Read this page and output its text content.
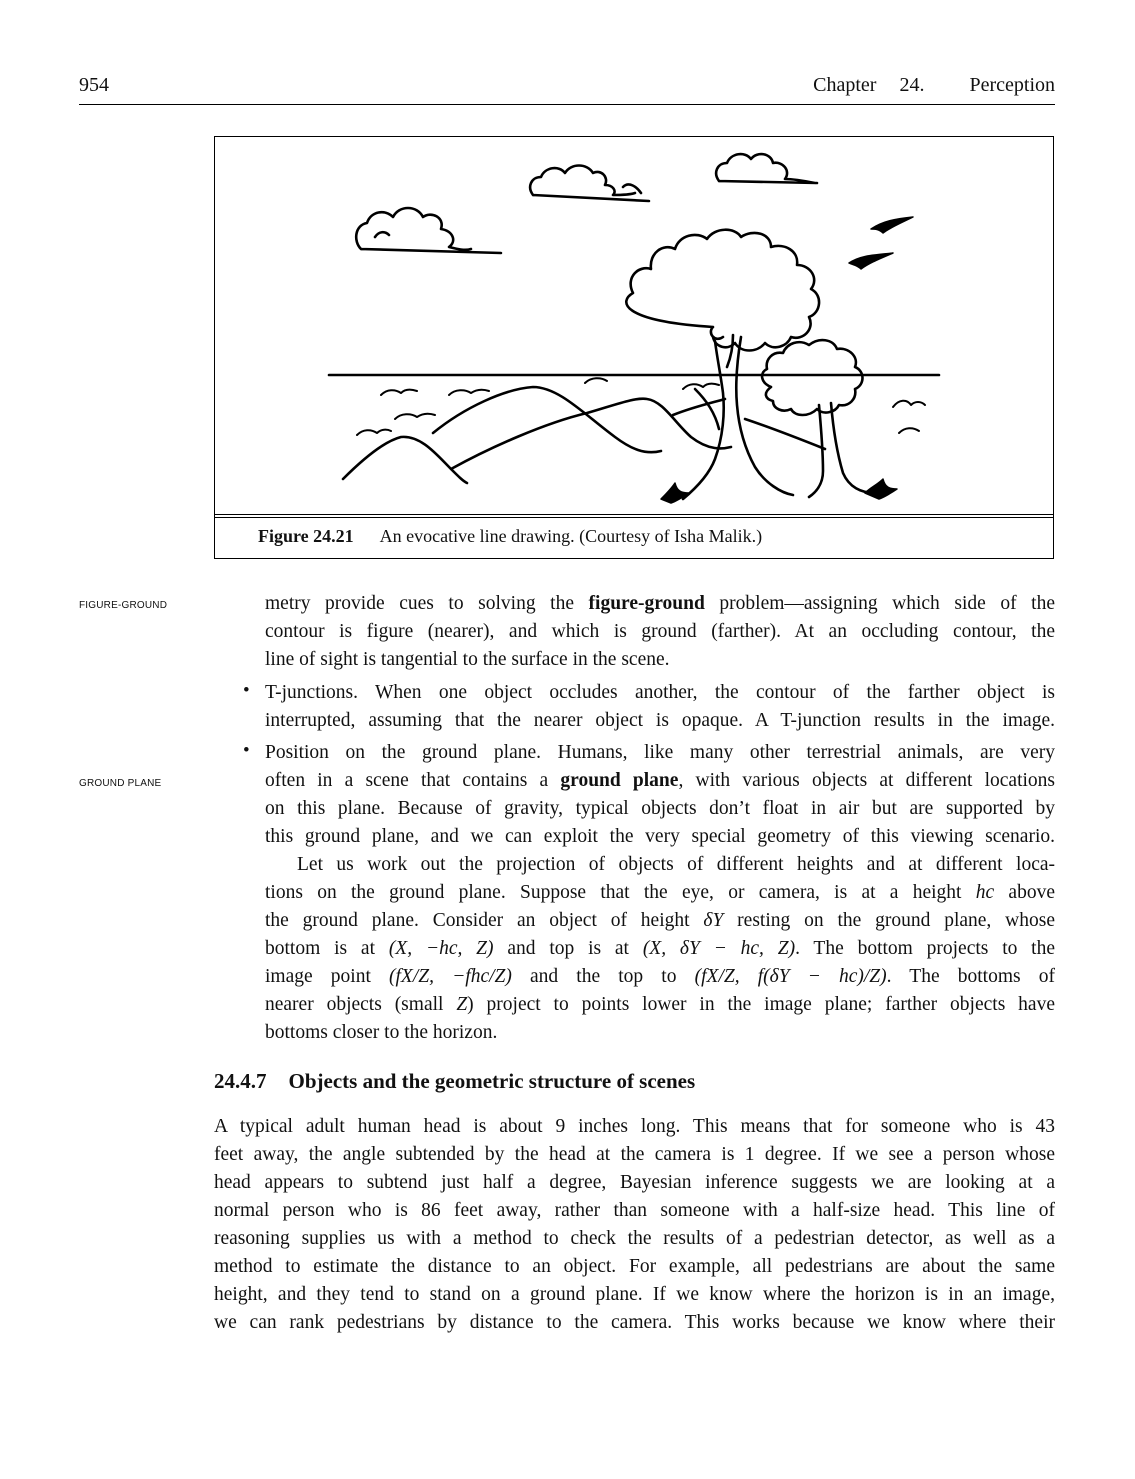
954	Chapter 24. Perception
Figure 24.21 An evocative line drawing. (Courtesy of Isha Malik.)
FIGURE-GROUND
GROUND PLANE
metry provide cues to solving the figure-ground problem—assigning which side of the
contour is figure (nearer), and which is ground (farther). At an occluding contour, the
line of sight is tangential to the surface in the scene.
• T-junctions. When one object occludes another, the contour of the farther object is
interrupted, assuming that the nearer object is opaque. A T-junction results in the image.
• Position on the ground plane. Humans, like many other terrestrial animals, are very
often in a scene that contains a ground plane, with various objects at different locations
on this plane. Because of gravity, typical objects don’t float in air but are supported by
this ground plane, and we can exploit the very special geometry of this viewing scenario.
Let us work out the projection of objects of different heights and at different loca-
tions on the ground plane. Suppose that the eye, or camera, is at a height hc above
the ground plane. Consider an object of height δY resting on the ground plane, whose
bottom is at (X, −hc, Z) and top is at (X, δY − hc, Z). The bottom projects to the
image point (fX/Z, −fhc/Z) and the top to (fX/Z, f(δY − hc)/Z). The bottoms of
nearer objects (small Z) project to points lower in the image plane; farther objects have
bottoms closer to the horizon.
24.4.7 Objects and the geometric structure of scenes
A typical adult human head is about 9 inches long. This means that for someone who is 43
feet away, the angle subtended by the head at the camera is 1 degree. If we see a person whose
head appears to subtend just half a degree, Bayesian inference suggests we are looking at a
normal person who is 86 feet away, rather than someone with a half-size head. This line of
reasoning supplies us with a method to check the results of a pedestrian detector, as well as a
method to estimate the distance to an object. For example, all pedestrians are about the same
height, and they tend to stand on a ground plane. If we know where the horizon is in an image,
we can rank pedestrians by distance to the camera. This works because we know where their
